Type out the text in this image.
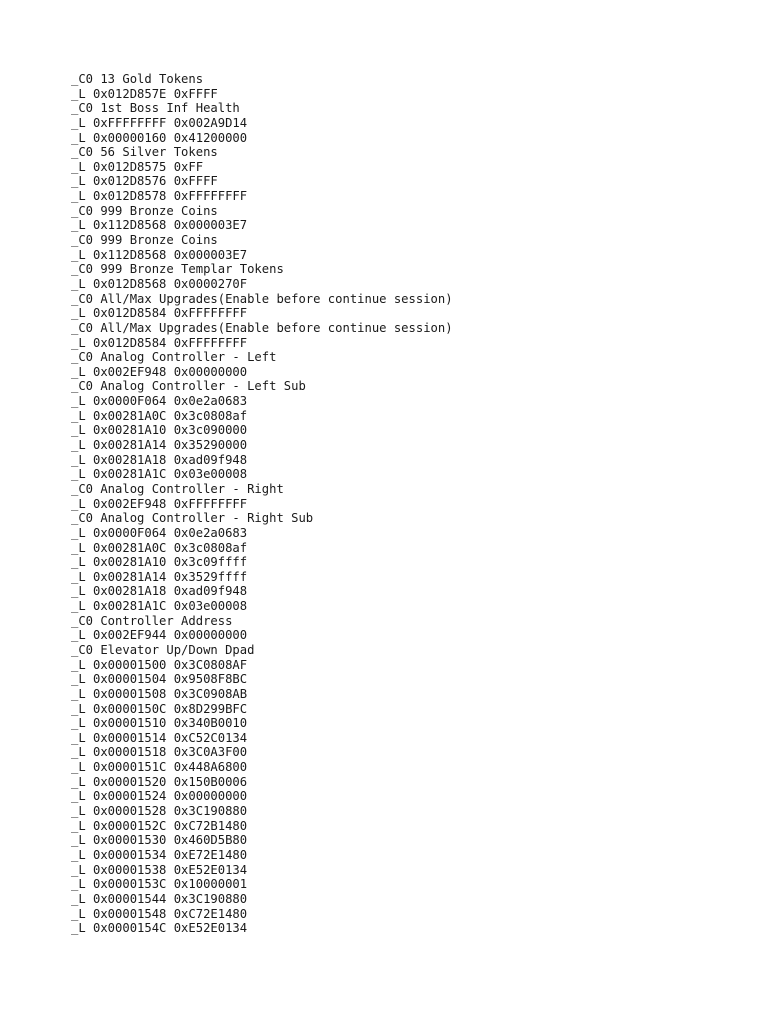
_C0 13 Gold Tokens
_L 0x012D857E 0xFFFF
_C0 1st Boss Inf Health
_L 0xFFFFFFFF 0x002A9D14
_L 0x00000160 0x41200000
_C0 56 Silver Tokens
_L 0x012D8575 0xFF
_L 0x012D8576 0xFFFF
_L 0x012D8578 0xFFFFFFFF
_C0 999 Bronze Coins
_L 0x112D8568 0x000003E7
_C0 999 Bronze Coins
_L 0x112D8568 0x000003E7
_C0 999 Bronze Templar Tokens
_L 0x012D8568 0x0000270F
_C0 All/Max Upgrades(Enable before continue session)
_L 0x012D8584 0xFFFFFFFF
_C0 All/Max Upgrades(Enable before continue session)
_L 0x012D8584 0xFFFFFFFF
_C0 Analog Controller - Left
_L 0x002EF948 0x00000000
_C0 Analog Controller - Left Sub
_L 0x0000F064 0x0e2a0683
_L 0x00281A0C 0x3c0808af
_L 0x00281A10 0x3c090000
_L 0x00281A14 0x35290000
_L 0x00281A18 0xad09f948
_L 0x00281A1C 0x03e00008
_C0 Analog Controller - Right
_L 0x002EF948 0xFFFFFFFF
_C0 Analog Controller - Right Sub
_L 0x0000F064 0x0e2a0683
_L 0x00281A0C 0x3c0808af
_L 0x00281A10 0x3c09ffff
_L 0x00281A14 0x3529ffff
_L 0x00281A18 0xad09f948
_L 0x00281A1C 0x03e00008
_C0 Controller Address
_L 0x002EF944 0x00000000
_C0 Elevator Up/Down Dpad
_L 0x00001500 0x3C0808AF
_L 0x00001504 0x9508F8BC
_L 0x00001508 0x3C0908AB
_L 0x0000150C 0x8D299BFC
_L 0x00001510 0x340B0010
_L 0x00001514 0xC52C0134
_L 0x00001518 0x3C0A3F00
_L 0x0000151C 0x448A6800
_L 0x00001520 0x150B0006
_L 0x00001524 0x00000000
_L 0x00001528 0x3C190880
_L 0x0000152C 0xC72B1480
_L 0x00001530 0x460D5B80
_L 0x00001534 0xE72E1480
_L 0x00001538 0xE52E0134
_L 0x0000153C 0x10000001
_L 0x00001544 0x3C190880
_L 0x00001548 0xC72E1480
_L 0x0000154C 0xE52E0134
